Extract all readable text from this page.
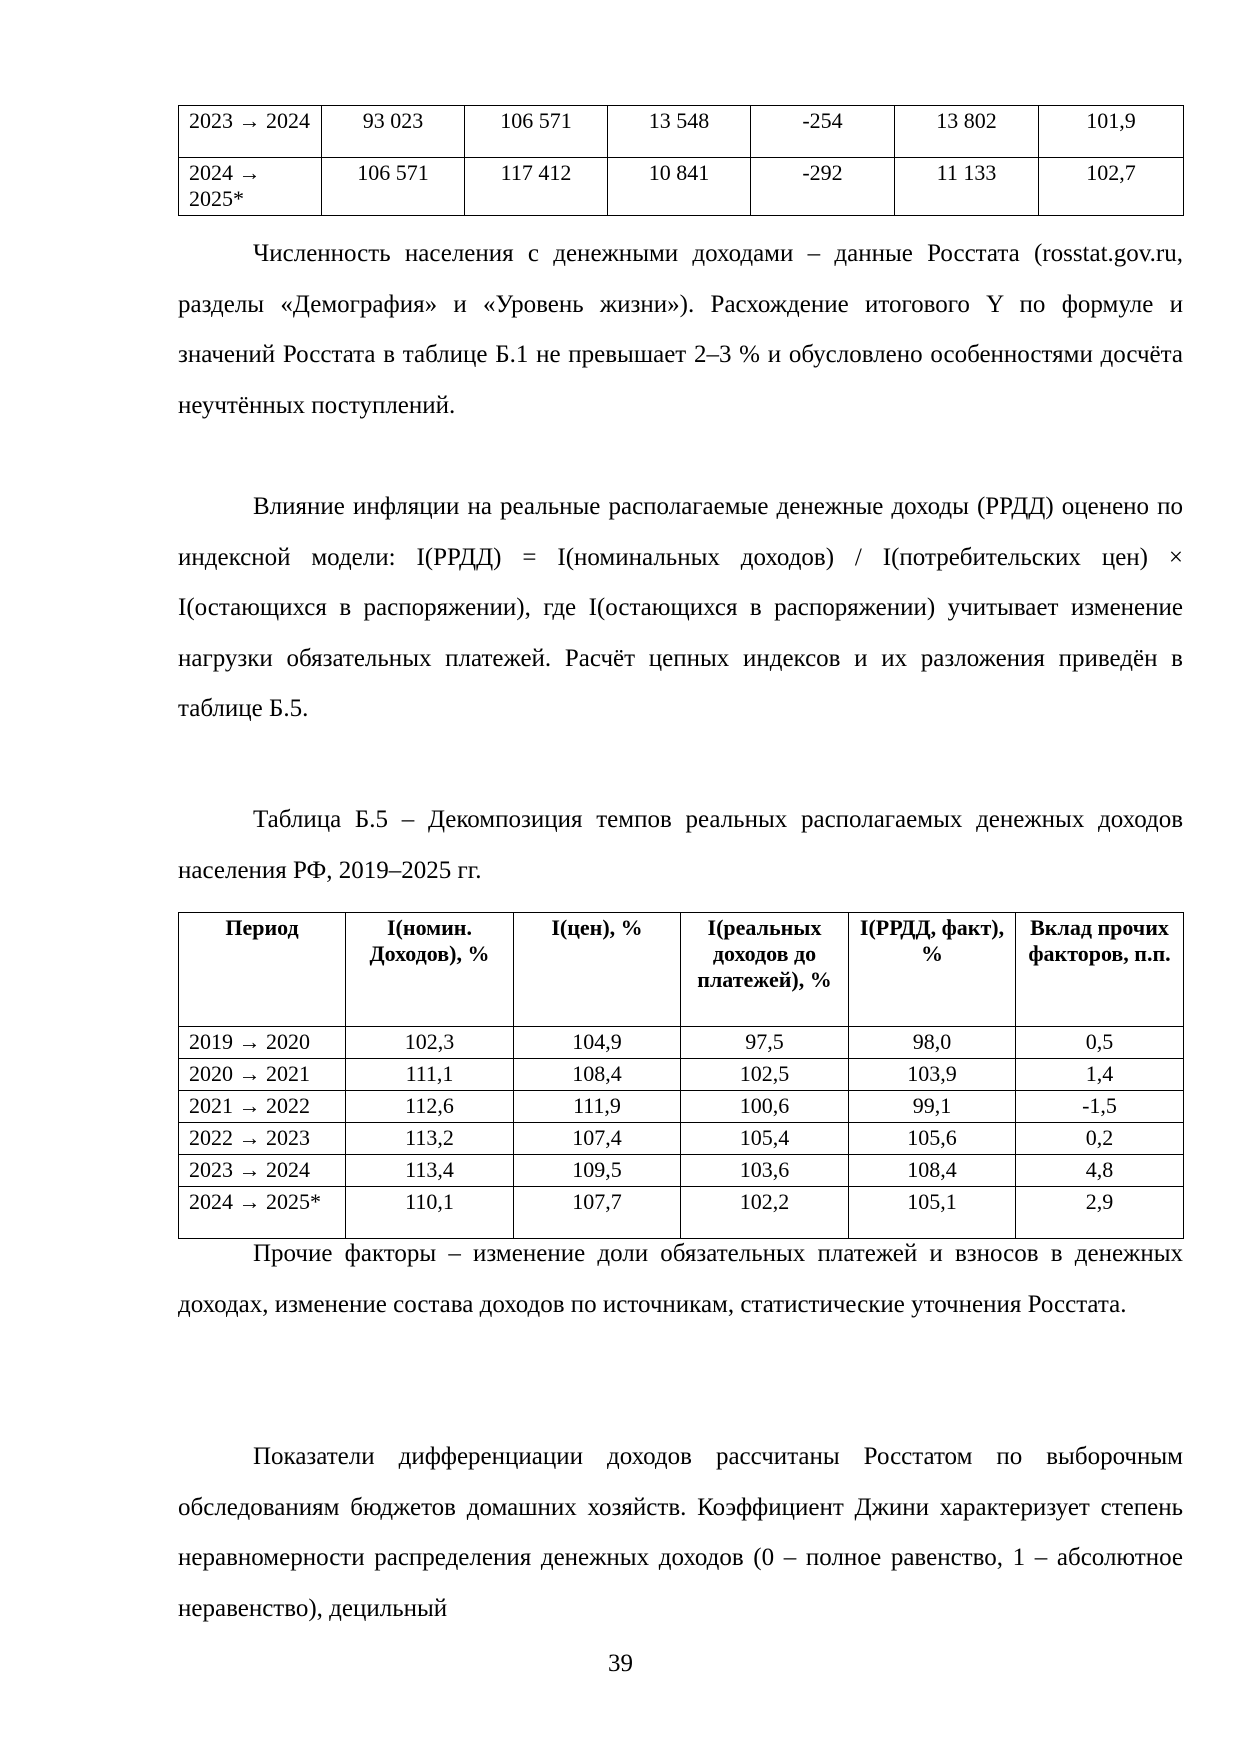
2023 → 2024	93 023	106 571	13 548	-254	13 802	101,9
2024 → 2025*	106 571	117 412	10 841	-292	11 133	102,7

Численность населения с денежными доходами – данные Росстата (rosstat.gov.ru, разделы «Демография» и «Уровень жизни»). Расхождение итогового Y по формуле и значений Росстата в таблице Б.1 не превышает 2–3 % и обусловлено особенностями досчёта неучтённых поступлений.

Влияние инфляции на реальные располагаемые денежные доходы (РРДД) оценено по индексной модели: I(РРДД) = I(номинальных доходов) / I(потребительских цен) × I(остающихся в распоряжении), где I(остающихся в распоряжении) учитывает изменение нагрузки обязательных платежей. Расчёт цепных индексов и их разложения приведён в таблице Б.5.

Таблица Б.5 – Декомпозиция темпов реальных располагаемых денежных доходов населения РФ, 2019–2025 гг.

Период	I(номин. Доходов), %	I(цен), %	I(реальных доходов до платежей), %	I(РРДД, факт), %	Вклад прочих факторов, п.п.
2019 → 2020	102,3	104,9	97,5	98,0	0,5
2020 → 2021	111,1	108,4	102,5	103,9	1,4
2021 → 2022	112,6	111,9	100,6	99,1	-1,5
2022 → 2023	113,2	107,4	105,4	105,6	0,2
2023 → 2024	113,4	109,5	103,6	108,4	4,8
2024 → 2025*	110,1	107,7	102,2	105,1	2,9

Прочие факторы – изменение доли обязательных платежей и взносов в денежных доходах, изменение состава доходов по источникам, статистические уточнения Росстата.

Показатели дифференциации доходов рассчитаны Росстатом по выборочным обследованиям бюджетов домашних хозяйств. Коэффициент Джини характеризует степень неравномерности распределения денежных доходов (0 – полное равенство, 1 – абсолютное неравенство), децильный

39
